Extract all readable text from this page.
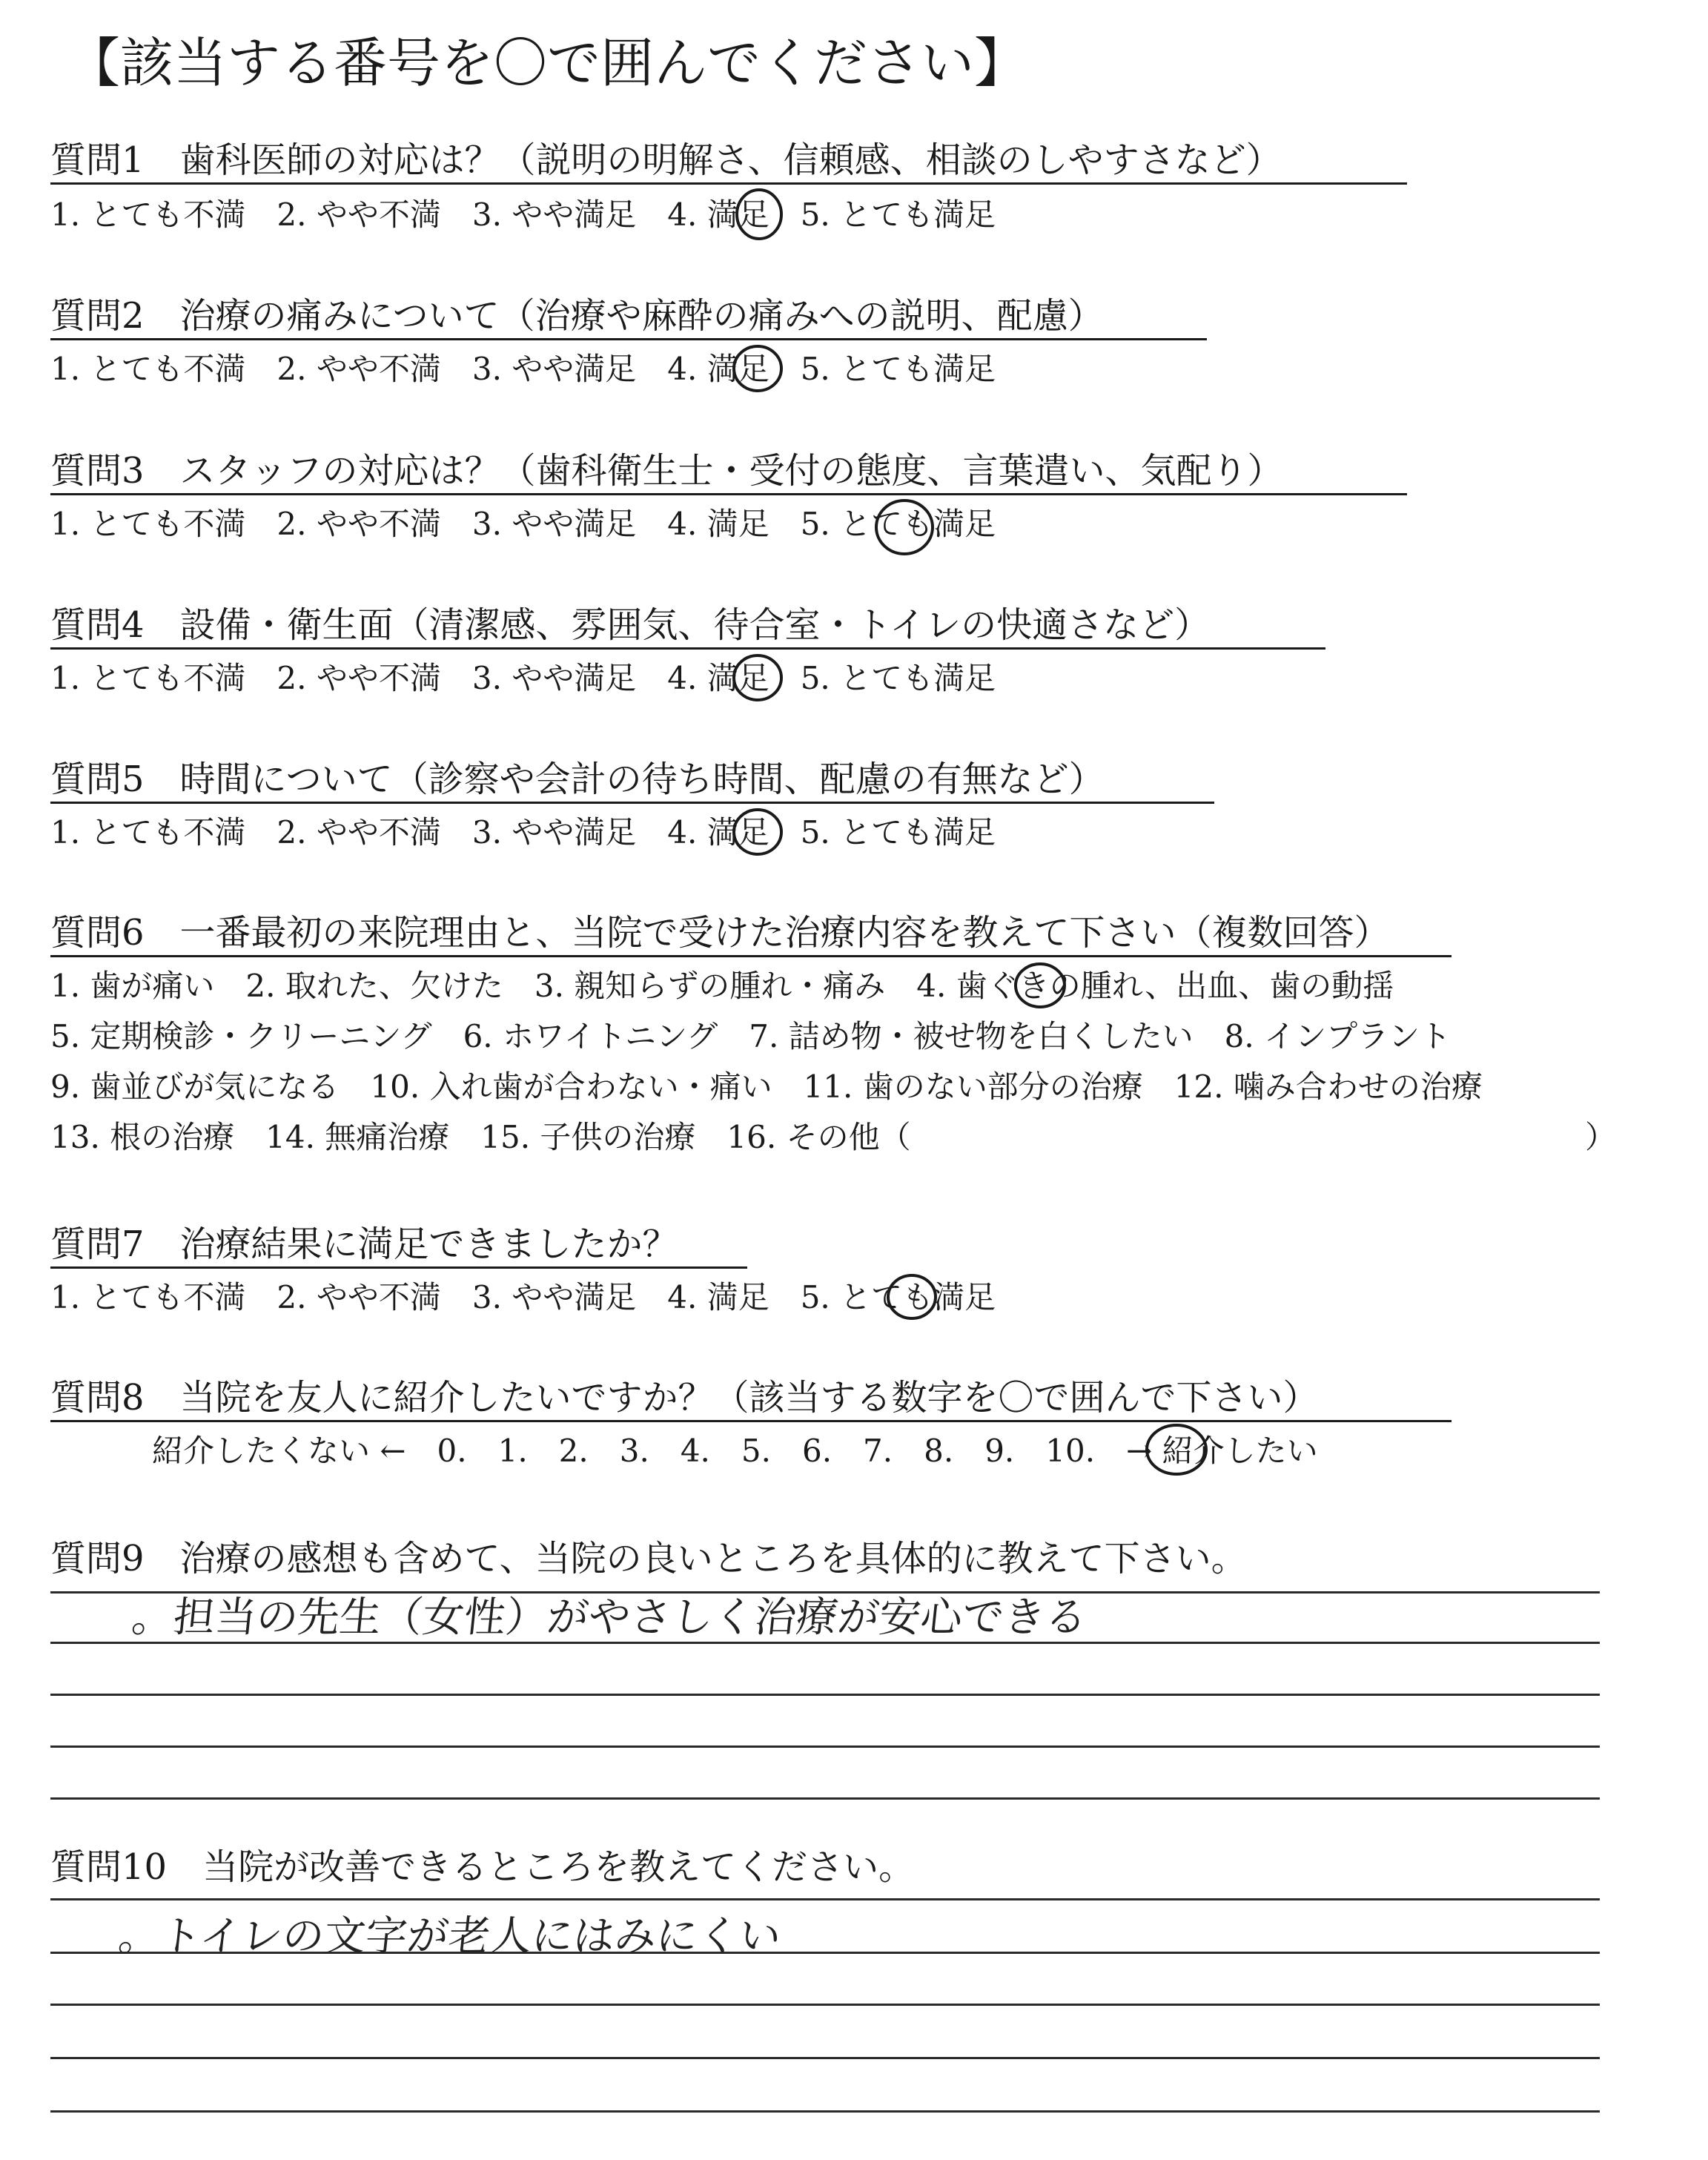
【該当する番号を〇で囲んでください】
質問1　歯科医師の対応は？（説明の明解さ、信頼感、相談のしやすさなど）
1. とても不満　2. やや不満　3. やや満足　4. 満足　5. とても満足
質問2　治療の痛みについて（治療や麻酔の痛みへの説明、配慮）
1. とても不満　2. やや不満　3. やや満足　4. 満足　5. とても満足
質問3　スタッフの対応は？（歯科衛生士・受付の態度、言葉遣い、気配り）
1. とても不満　2. やや不満　3. やや満足　4. 満足　5. とても満足
質問4　設備・衛生面（清潔感、雰囲気、待合室・トイレの快適さなど）
1. とても不満　2. やや不満　3. やや満足　4. 満足　5. とても満足
質問5　時間について（診察や会計の待ち時間、配慮の有無など）
1. とても不満　2. やや不満　3. やや満足　4. 満足　5. とても満足
質問6　一番最初の来院理由と、当院で受けた治療内容を教えて下さい（複数回答）
1. 歯が痛い　2. 取れた、欠けた　3. 親知らずの腫れ・痛み　4. 歯ぐきの腫れ、出血、歯の動揺
5. 定期検診・クリーニング　6. ホワイトニング　7. 詰め物・被せ物を白くしたい　8. インプラント
9. 歯並びが気になる　10. 入れ歯が合わない・痛い　11. 歯のない部分の治療　12. 噛み合わせの治療
13. 根の治療　14. 無痛治療　15. 子供の治療　16. その他（	）
質問7　治療結果に満足できましたか？
1. とても不満　2. やや不満　3. やや満足　4. 満足　5. とても満足
質問8　当院を友人に紹介したいですか？（該当する数字を〇で囲んで下さい）
紹介したくない ←　0.　1.　2.　3.　4.　5.　6.　7.　8.　9.　10.　→ 紹介したい
質問9　治療の感想も含めて、当院の良いところを具体的に教えて下さい。
。担当の先生（女性）がやさしく治療が安心できる
質問10　当院が改善できるところを教えてください。
。トイレの文字が老人にはみにくい
